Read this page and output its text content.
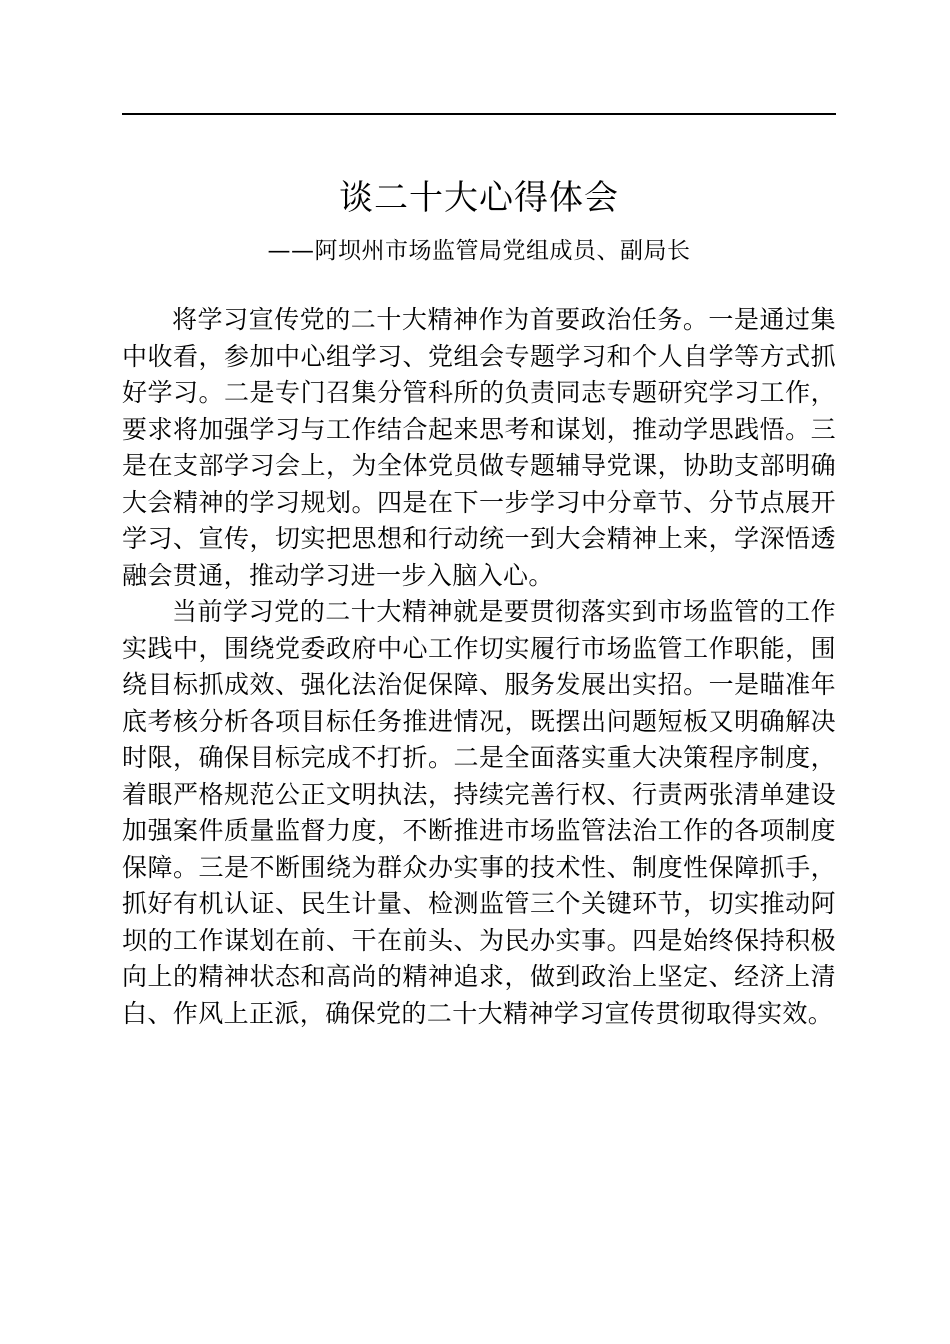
谈二十大心得体会
——阿坝州市场监管局党组成员、副局长

将学习宣传党的二十大精神作为首要政治任务。一是通过集中收看，参加中心组学习、党组会专题学习和个人自学等方式抓好学习。二是专门召集分管科所的负责同志专题研究学习工作，要求将加强学习与工作结合起来思考和谋划，推动学思践悟。三是在支部学习会上，为全体党员做专题辅导党课，协助支部明确大会精神的学习规划。四是在下一步学习中分章节、分节点展开学习、宣传，切实把思想和行动统一到大会精神上来，学深悟透融会贯通，推动学习进一步入脑入心。

当前学习党的二十大精神就是要贯彻落实到市场监管的工作实践中，围绕党委政府中心工作切实履行市场监管工作职能，围绕目标抓成效、强化法治促保障、服务发展出实招。一是瞄准年底考核分析各项目标任务推进情况，既摆出问题短板又明确解决时限，确保目标完成不打折。二是全面落实重大决策程序制度，着眼严格规范公正文明执法，持续完善行权、行责两张清单建设加强案件质量监督力度，不断推进市场监管法治工作的各项制度保障。三是不断围绕为群众办实事的技术性、制度性保障抓手，抓好有机认证、民生计量、检测监管三个关键环节，切实推动阿坝的工作谋划在前、干在前头、为民办实事。四是始终保持积极向上的精神状态和高尚的精神追求，做到政治上坚定、经济上清白、作风上正派，确保党的二十大精神学习宣传贯彻取得实效。
